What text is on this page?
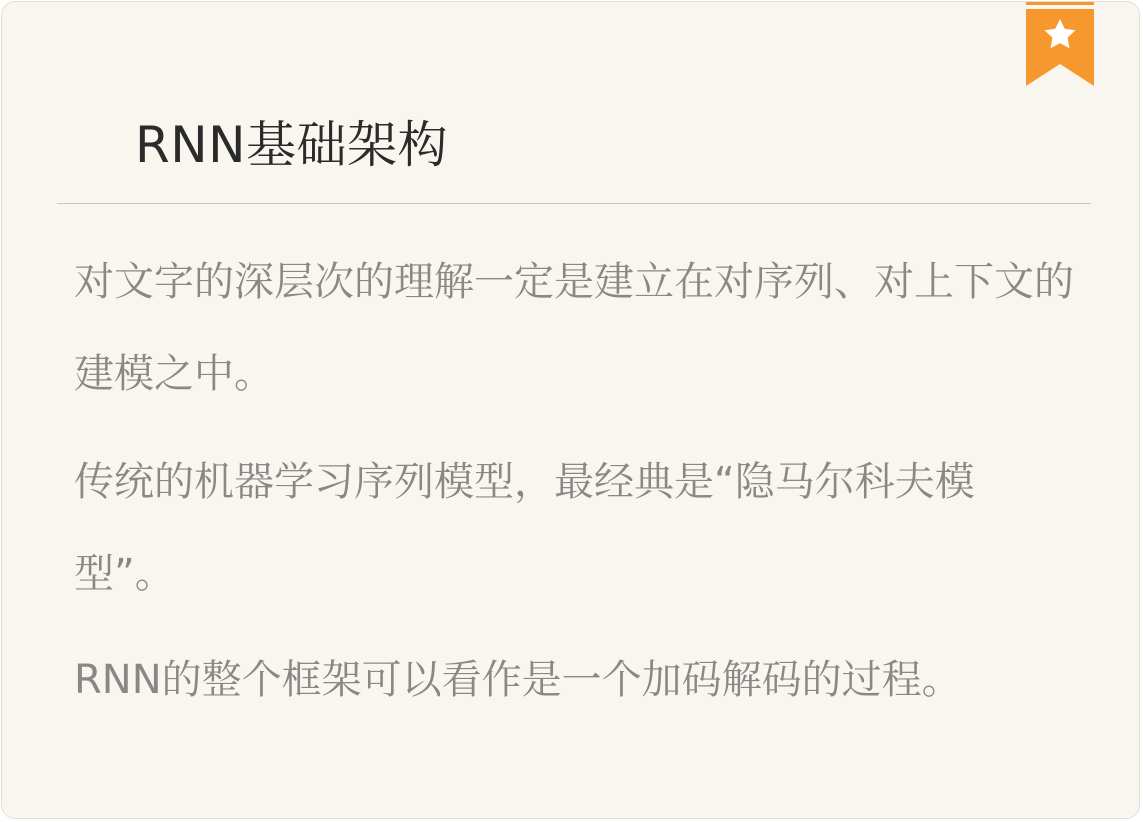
RNN基础架构

对文字的深层次的理解一定是建立在对序列、对上下文的建模之中。

传统的机器学习序列模型，最经典是“隐马尔科夫模型”。

RNN的整个框架可以看作是一个加码解码的过程。
